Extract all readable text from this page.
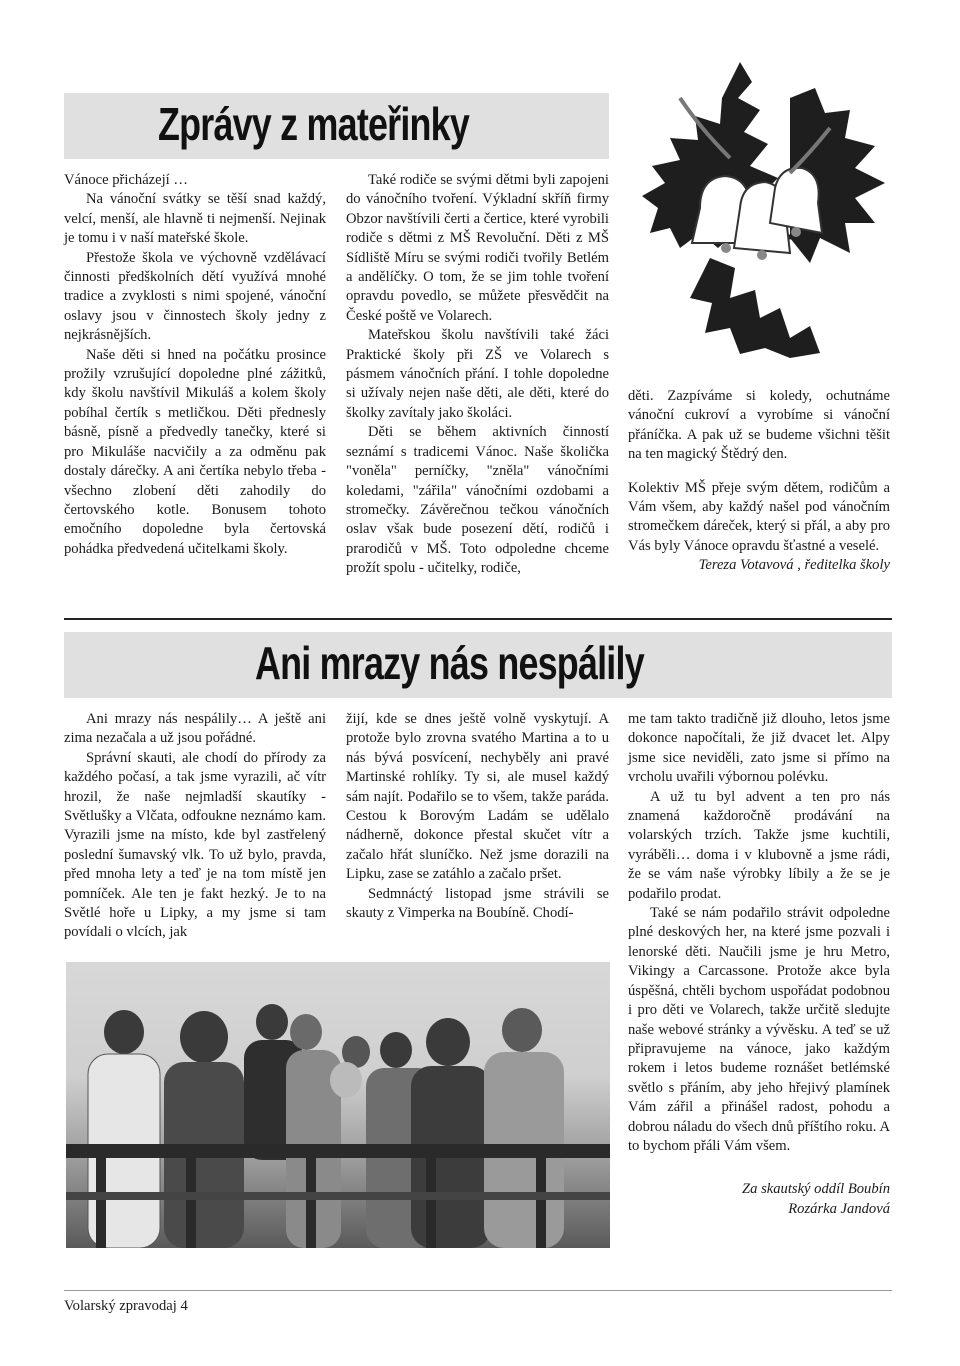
Zprávy z mateřinky

Vánoce přicházejí …

Na vánoční svátky se těší snad každý, velcí, menší, ale hlavně ti nejmenší. Nejinak je tomu i v naší mateřské škole.

Přestože škola ve výchovně vzdělávací činnosti předškolních dětí využívá mnohé tradice a zvyklosti s nimi spojené, vánoční oslavy jsou v činnostech školy jedny z nejkrásnějších.

Naše děti si hned na počátku prosince prožily vzrušující dopoledne plné zážitků, kdy školu navštívil Mikuláš a kolem školy pobíhal čertík s metličkou. Děti přednesly básně, písně a předvedly tanečky, které si pro Mikuláše nacvičily a za odměnu pak dostaly dárečky. A ani čertíka nebylo třeba - všechno zlobení děti zahodily do čertovského kotle. Bonusem tohoto emočního dopoledne byla čertovská pohádka předvedená učitelkami školy.

Také rodiče se svými dětmi byli zapojeni do vánočního tvoření. Výkladní skříň firmy Obzor navštívili čerti a čertice, které vyrobili rodiče s dětmi z MŠ Revoluční. Děti z MŠ Sídliště Míru se svými rodiči tvořily Betlém a andělíčky. O tom, že se jim tohle tvoření opravdu povedlo, se můžete přesvědčit na České poště ve Volarech.

Mateřskou školu navštívili také žáci Praktické školy při ZŠ ve Volarech s pásmem vánočních přání. I tohle dopoledne si užívaly nejen naše děti, ale děti, které do školky zavítaly jako školáci.

Děti se během aktivních činností seznámí s tradicemi Vánoc. Naše školička "voněla" perníčky, "zněla" vánočními koledami, "zářila" vánočními ozdobami a stromečky. Závěrečnou tečkou vánočních oslav však bude posezení dětí, rodičů i prarodičů v MŠ. Toto odpoledne chceme prožít spolu - učitelky, rodiče,

děti. Zazpíváme si koledy, ochutnáme vánoční cukroví a vyrobíme si vánoční přáníčka. A pak už se budeme všichni těšit na ten magický Štědrý den.

Kolektiv MŠ přeje svým dětem, rodičům a Vám všem, aby každý našel pod vánočním stromečkem dáreček, který si přál, a aby pro Vás byly Vánoce opravdu šťastné a veselé.

Tereza Votavová , ředitelka školy

Ani mrazy nás nespálily

Ani mrazy nás nespálily… A ještě ani zima nezačala a už jsou pořádné.

Správní skauti, ale chodí do přírody za každého počasí, a tak jsme vyrazili, ač vítr hrozil, že naše nejmladší skautíky - Světlušky a Vlčata, odfoukne neznámo kam. Vyrazili jsme na místo, kde byl zastřelený poslední šumavský vlk. To už bylo, pravda, před mnoha lety a teď je na tom místě jen pomníček. Ale ten je fakt hezký. Je to na Světlé hoře u Lipky, a my jsme si tam povídali o vlcích, jak

žijí, kde se dnes ještě volně vyskytují. A protože bylo zrovna svatého Martina a to u nás bývá posvícení, nechyběly ani pravé Martinské rohlíky. Ty si, ale musel každý sám najít. Podařilo se to všem, takže paráda. Cestou k Borovým Ladám se udělalo nádherně, dokonce přestal skučet vítr a začalo hřát sluníčko. Než jsme dorazili na Lipku, zase se zatáhlo a začalo pršet.

Sedmnáctý listopad jsme strávili se skauty z Vimperka na Boubíně. Chodí-

me tam takto tradičně již dlouho, letos jsme dokonce napočítali, že již dvacet let. Alpy jsme sice neviděli, zato jsme si přímo na vrcholu uvařili výbornou polévku.

A už tu byl advent a ten pro nás znamená každoročně prodávání na volarských trzích. Takže jsme kuchtili, vyráběli… doma i v klubovně a jsme rádi, že se vám naše výrobky líbily a že se je podařilo prodat.

Také se nám podařilo strávit odpoledne plné deskových her, na které jsme pozvali i lenorské děti. Naučili jsme je hru Metro, Vikingy a Carcassone. Protože akce byla úspěšná, chtěli bychom uspořádat podobnou i pro děti ve Volarech, takže určitě sledujte naše webové stránky a vývěsku. A teď se už připravujeme na vánoce, jako každým rokem i letos budeme roznášet betlémské světlo s přáním, aby jeho hřejivý plamínek Vám zářil a přinášel radost, pohodu a dobrou náladu do všech dnů příštího roku. A to bychom přáli Vám všem.

Za skautský oddíl Boubín

Rozárka Jandová

Volarský zpravodaj 4
